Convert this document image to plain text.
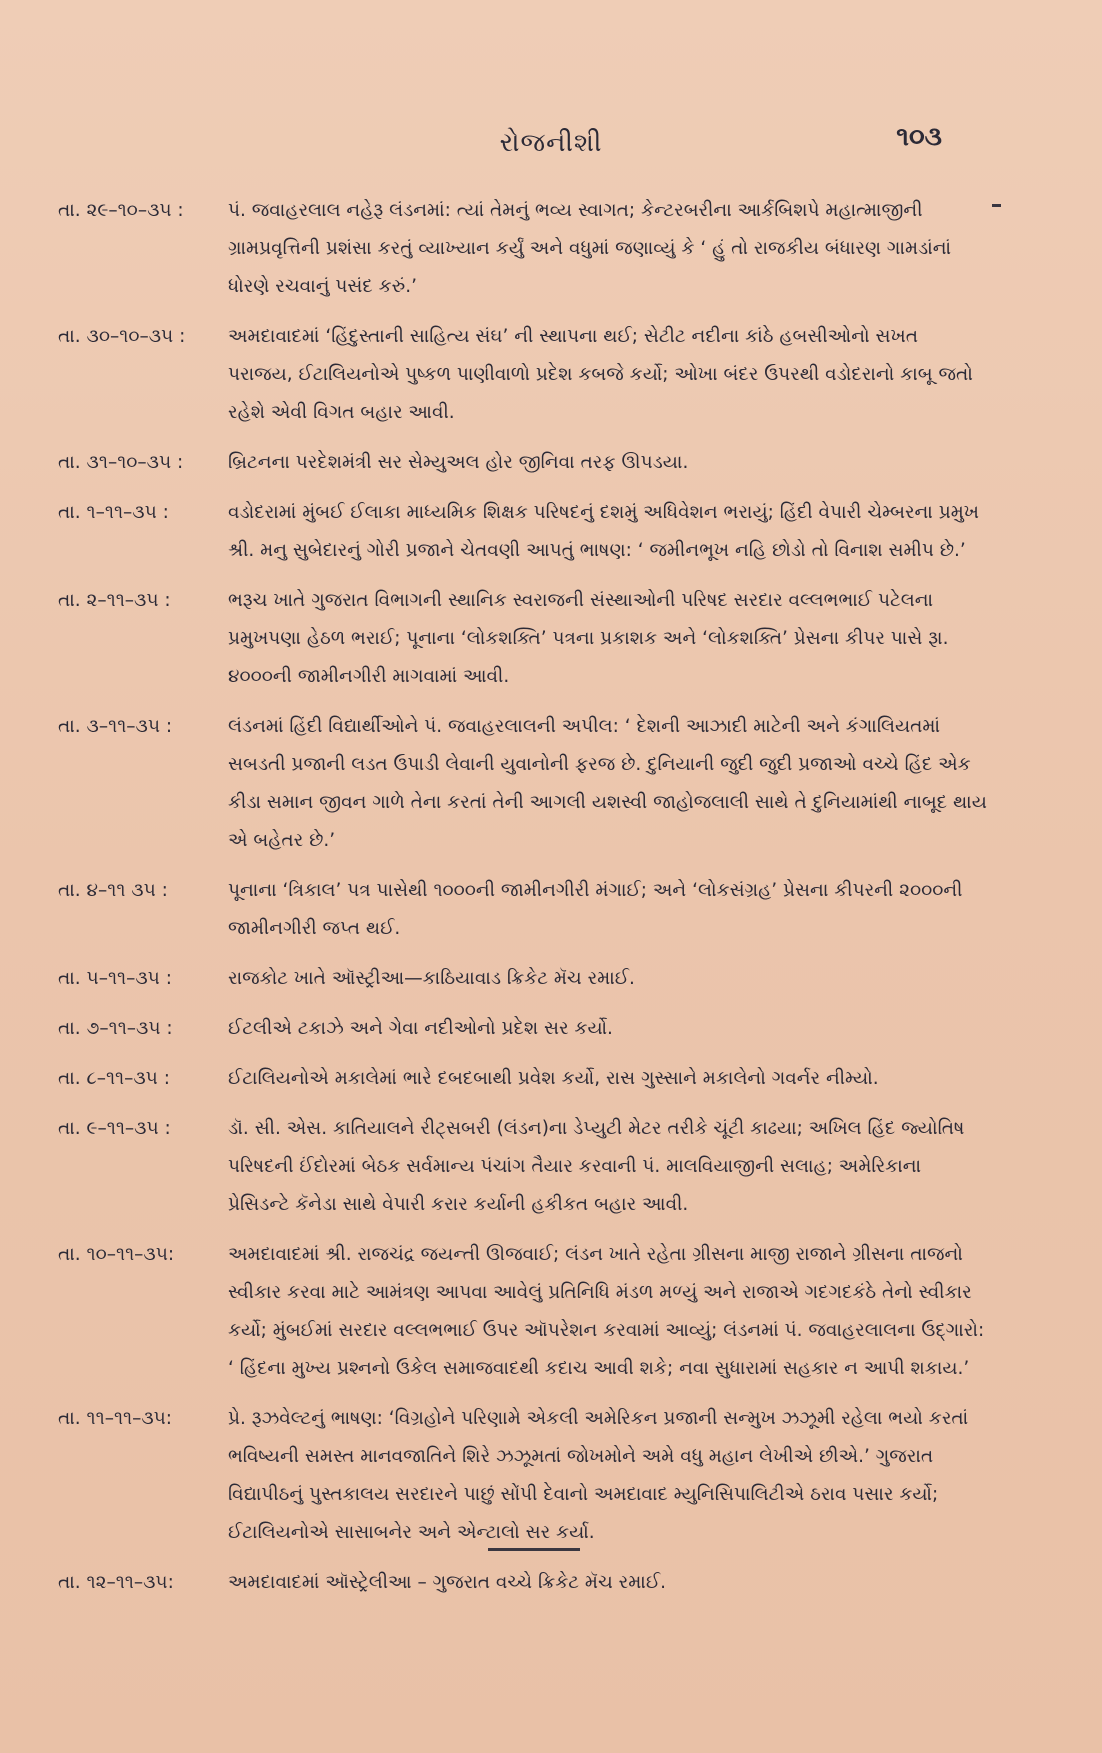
રોજનીશી	૧૦૩
તા. ૨૯–૧૦–૩૫ :	પં. જવાહરલાલ નહેરૂ લંડનમાં: ત્યાં તેમનું ભવ્ય સ્વાગત; કેન્ટરબરીના આર્કબિશપે મહાત્માજીની ગ્રામપ્રવૃત્તિની પ્રશંસા કરતું વ્યાખ્યાન કર્યું અને વધુમાં જણાવ્યું કે ‘ હું તો રાજકીય બંધારણ ગામડાંનાં ધોરણે રચવાનું પસંદ કરું.’

તા. ૩૦–૧૦–૩૫ :	અમદાવાદમાં ‘હિંદુસ્તાની સાહિત્ય સંઘ’ ની સ્થાપના થઈ; સેટીટ નદીના કાંઠે હબસીઓનો સખત પરાજય, ઈટાલિયનોએ પુષ્કળ પાણીવાળો પ્રદેશ કબજે કર્યો; ઓખા બંદર ઉપરથી વડોદરાનો કાબૂ જતો રહેશે એવી વિગત બહાર આવી.

તા. ૩૧–૧૦–૩૫ :	બ્રિટનના પરદેશમંત્રી સર સેમ્યુઅલ હોર જીનિવા તરફ ઊપડયા.

તા. ૧–૧૧–૩૫ :	વડોદરામાં મુંબઈ ઈલાકા માધ્યમિક શિક્ષક પરિષદનું દશમું અધિવેશન ભરાયું; હિંદી વેપારી ચેમ્બરના પ્રમુખ શ્રી. મનુ સુબેદારનું ગોરી પ્રજાને ચેતવણી આપતું ભાષણ: ‘ જમીનભૂખ નહિ છોડો તો વિનાશ સમીપ છે.’

તા. ૨–૧૧–૩૫ :	ભરૂચ ખાતે ગુજરાત વિભાગની સ્થાનિક સ્વરાજની સંસ્થાઓની પરિષદ સરદાર વલ્લભભાઈ પટેલના પ્રમુખપણા હેઠળ ભરાઈ; પૂનાના ‘લોકશક્તિ’ પત્રના પ્રકાશક અને ‘લોકશક્તિ’ પ્રેસના કીપર પાસે રૂા. ૪૦૦૦ની જામીનગીરી માગવામાં આવી.

તા. ૩–૧૧–૩૫ :	લંડનમાં હિંદી વિદ્યાર્થીઓને પં. જવાહરલાલની અપીલ: ‘ દેશની આઝાદી માટેની અને કંગાલિયતમાં સબડતી પ્રજાની લડત ઉપાડી લેવાની યુવાનોની ફરજ છે. દુનિયાની જુદી જુદી પ્રજાઓ વચ્ચે હિંદ એક કીડા સમાન જીવન ગાળે તેના કરતાં તેની આગલી યશસ્વી જાહોજલાલી સાથે તે દુનિયામાંથી નાબૂદ થાય એ બહેતર છે.’

તા. ૪–૧૧ ૩૫ :	પૂનાના ‘ત્રિકાલ’ પત્ર પાસેથી ૧૦૦૦ની જામીનગીરી મંગાઈ; અને ‘લોકસંગ્રહ’ પ્રેસના કીપરની ૨૦૦૦ની જામીનગીરી જપ્ત થઈ.

તા. ૫–૧૧–૩૫ :	રાજકોટ ખાતે ઑસ્ટ્રીઆ—કાઠિયાવાડ ક્રિકેટ મૅચ રમાઈ.

તા. ૭–૧૧–૩૫ :	ઈટલીએ ટકાઝે અને ગેવા નદીઓનો પ્રદેશ સર કર્યો.

તા. ૮–૧૧–૩૫ :	ઈટાલિયનોએ મકાલેમાં ભારે દબદબાથી પ્રવેશ કર્યો, રાસ ગુસ્સાને મકાલેનો ગવર્નર નીમ્યો.

તા. ૯–૧૧–૩૫ :	ડૉ. સી. એસ. કાતિયાલને રીટ્સબરી (લંડન)ના ડેપ્યુટી મેટર તરીકે ચૂંટી કાઢયા; અખિલ હિંદ જ્યોતિષ પરિષદની ઈંદોરમાં બેઠક સર્વમાન્ય પંચાંગ તૈયાર કરવાની પં. માલવિયાજીની સલાહ; અમેરિકાના પ્રેસિડન્ટે કૅનેડા સાથે વેપારી કરાર કર્યાની હકીકત બહાર આવી.

તા. ૧૦–૧૧–૩૫:	અમદાવાદમાં શ્રી. રાજચંદ્ર જયન્તી ઊજવાઈ; લંડન ખાતે રહેતા ગ્રીસના માજી રાજાને ગ્રીસના તાજનો સ્વીકાર કરવા માટે આમંત્રણ આપવા આવેલું પ્રતિનિધિ મંડળ મળ્યું અને રાજાએ ગદગદકંઠે તેનો સ્વીકાર કર્યો; મુંબઈમાં સરદાર વલ્લભભાઈ ઉપર ઑપરેશન કરવામાં આવ્યું; લંડનમાં પં. જવાહરલાલના ઉદ્ગારો: ‘ હિંદના મુખ્ય પ્રશ્નનો ઉકેલ સમાજવાદથી કદાચ આવી શકે; નવા સુધારામાં સહકાર ન આપી શકાય.’

તા. ૧૧–૧૧–૩૫:	પ્રે. રૂઝવેલ્ટનું ભાષણ: ‘વિગ્રહોને પરિણામે એકલી અમેરિકન પ્રજાની સન્મુખ ઝઝૂમી રહેલા ભયો કરતાં ભવિષ્યની સમસ્ત માનવજાતિને શિરે ઝઝૂમતાં જોખમોને અમે વધુ મહાન લેખીએ છીએ.’ ગુજરાત વિદ્યાપીઠનું પુસ્તકાલય સરદારને પાછું સોંપી દેવાનો અમદાવાદ મ્યુનિસિપાલિટીએ ઠરાવ પસાર કર્યો; ઈટાલિયનોએ સાસાબનેર અને એન્ટાલો સર કર્યા.

તા. ૧૨–૧૧–૩૫:	અમદાવાદમાં ઑસ્ટ્રેલીઆ – ગુજરાત વચ્ચે ક્રિકેટ મૅચ રમાઈ.
